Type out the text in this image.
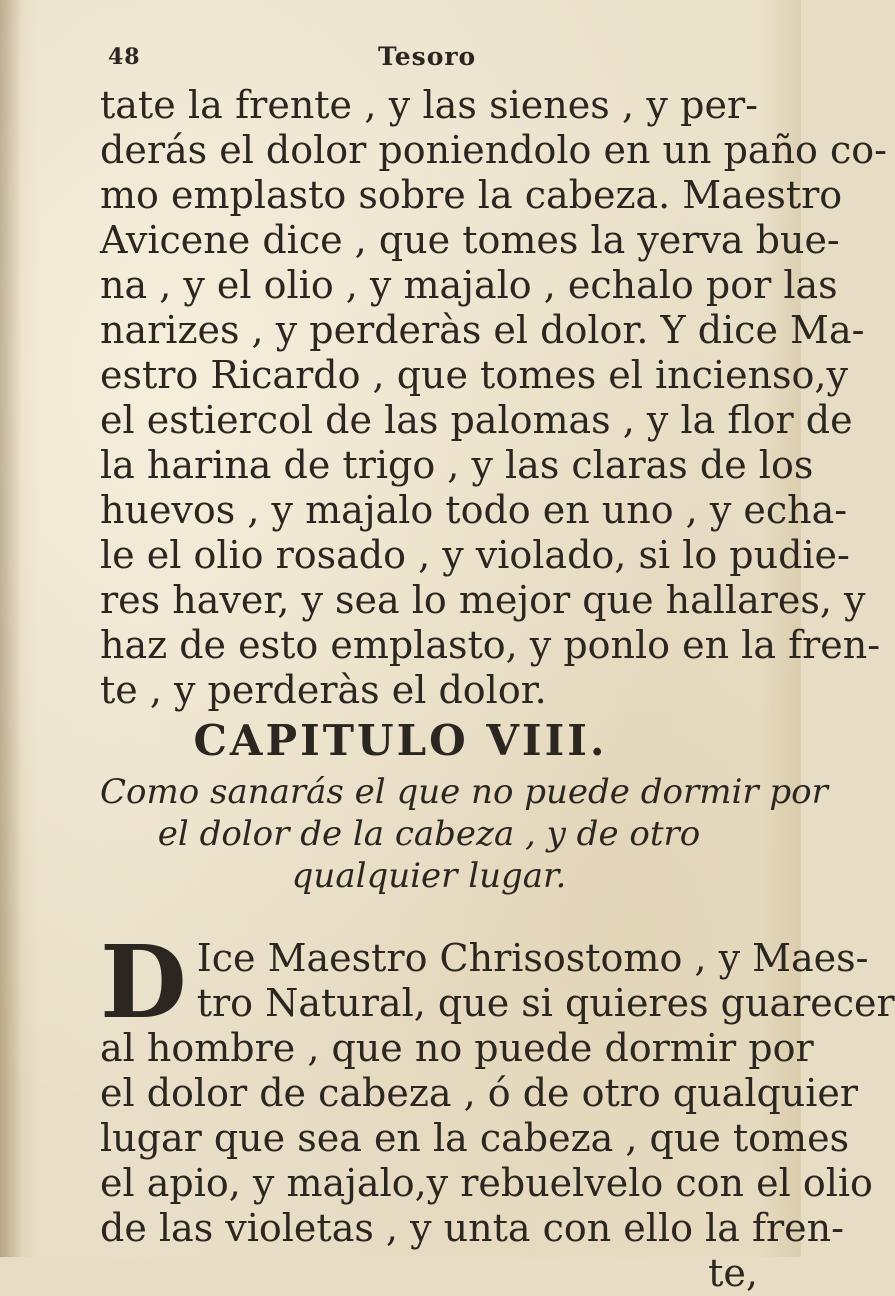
48	Tesoro
tate la frente , y las sienes , y per-
derás el dolor poniendolo en un paño co-
mo emplasto sobre la cabeza. Maestro
Avicene dice , que tomes la yerva bue-
na , y el olio , y majalo , echalo por las
narizes , y perderàs el dolor. Y dice Ma-
estro Ricardo , que tomes el incienso,y
el estiercol de las palomas , y la flor de
la harina de trigo , y las claras de los
huevos , y majalo todo en uno , y echa-
le el olio rosado , y violado, si lo pudie-
res haver, y sea lo mejor que hallares, y
haz de esto emplasto, y ponlo en la fren-
te , y perderàs el dolor.
CAPITULO VIII.
Como sanarás el que no puede dormir por
el dolor de la cabeza , y de otro
qualquier lugar.
D Ice Maestro Chrisostomo , y Maes-
tro Natural, que si quieres guarecer
al hombre , que no puede dormir por
el dolor de cabeza , ó de otro qualquier
lugar que sea en la cabeza , que tomes
el apio, y majalo,y rebuelvelo con el olio
de las violetas , y unta con ello la fren-
te,
